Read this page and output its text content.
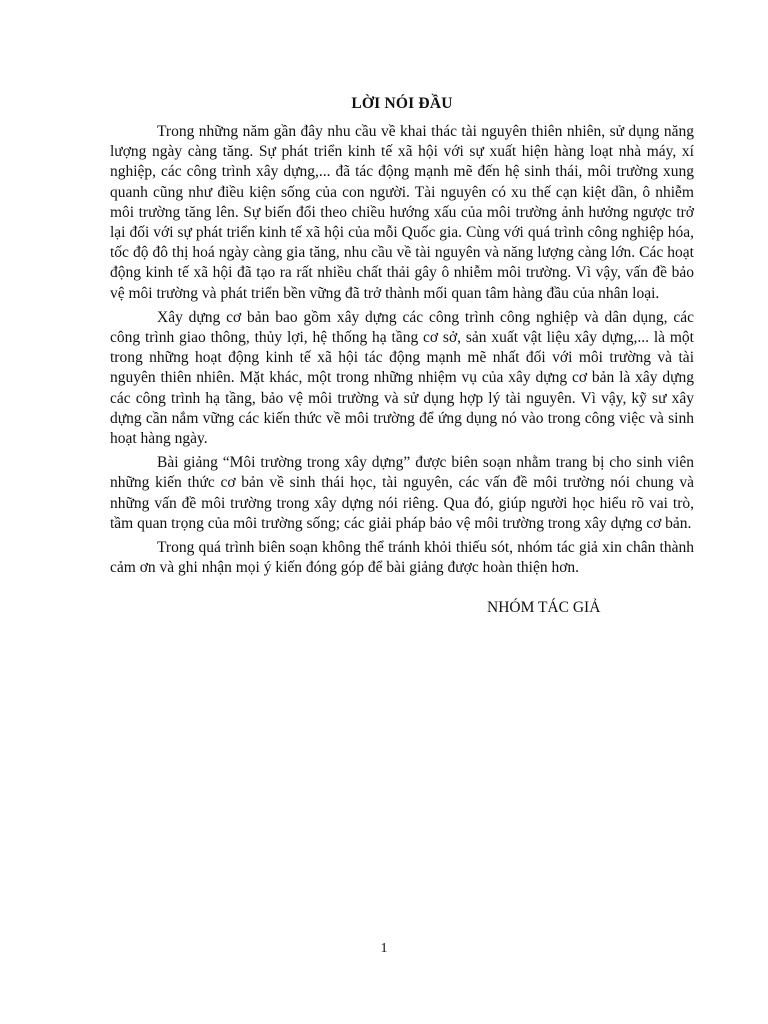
LỜI NÓI ĐẦU

Trong những năm gần đây nhu cầu về khai thác tài nguyên thiên nhiên, sử dụng năng lượng ngày càng tăng. Sự phát triển kinh tế xã hội với sự xuất hiện hàng loạt nhà máy, xí nghiệp, các công trình xây dựng,... đã tác động mạnh mẽ đến hệ sinh thái, môi trường xung quanh cũng như điều kiện sống của con người. Tài nguyên có xu thế cạn kiệt dần, ô nhiễm môi trường tăng lên. Sự biến đổi theo chiều hướng xấu của môi trường ảnh hưởng ngược trở lại đối với sự phát triển kinh tế xã hội của mỗi Quốc gia. Cùng với quá trình công nghiệp hóa, tốc độ đô thị hoá ngày càng gia tăng, nhu cầu về tài nguyên và năng lượng càng lớn. Các hoạt động kinh tế xã hội đã tạo ra rất nhiều chất thải gây ô nhiễm môi trường. Vì vậy, vấn đề bảo vệ môi trường và phát triển bền vững đã trở thành mối quan tâm hàng đầu của nhân loại.

Xây dựng cơ bản bao gồm xây dựng các công trình công nghiệp và dân dụng, các công trình giao thông, thủy lợi, hệ thống hạ tầng cơ sở, sản xuất vật liệu xây dựng,... là một trong những hoạt động kinh tế xã hội tác động mạnh mẽ nhất đối với môi trường và tài nguyên thiên nhiên. Mặt khác, một trong những nhiệm vụ của xây dựng cơ bản là xây dựng các công trình hạ tầng, bảo vệ môi trường và sử dụng hợp lý tài nguyên. Vì vậy, kỹ sư xây dựng cần nắm vững các kiến thức về môi trường để ứng dụng nó vào trong công việc và sinh hoạt hàng ngày.

Bài giảng “Môi trường trong xây dựng” được biên soạn nhằm trang bị cho sinh viên những kiến thức cơ bản về sinh thái học, tài nguyên, các vấn đề môi trường nói chung và những vấn đề môi trường trong xây dựng nói riêng. Qua đó, giúp người học hiểu rõ vai trò, tầm quan trọng của môi trường sống; các giải pháp bảo vệ môi trường trong xây dựng cơ bản.

Trong quá trình biên soạn không thể tránh khỏi thiếu sót, nhóm tác giả xin chân thành cảm ơn và ghi nhận mọi ý kiến đóng góp để bài giảng được hoàn thiện hơn.

NHÓM TÁC GIẢ
1
